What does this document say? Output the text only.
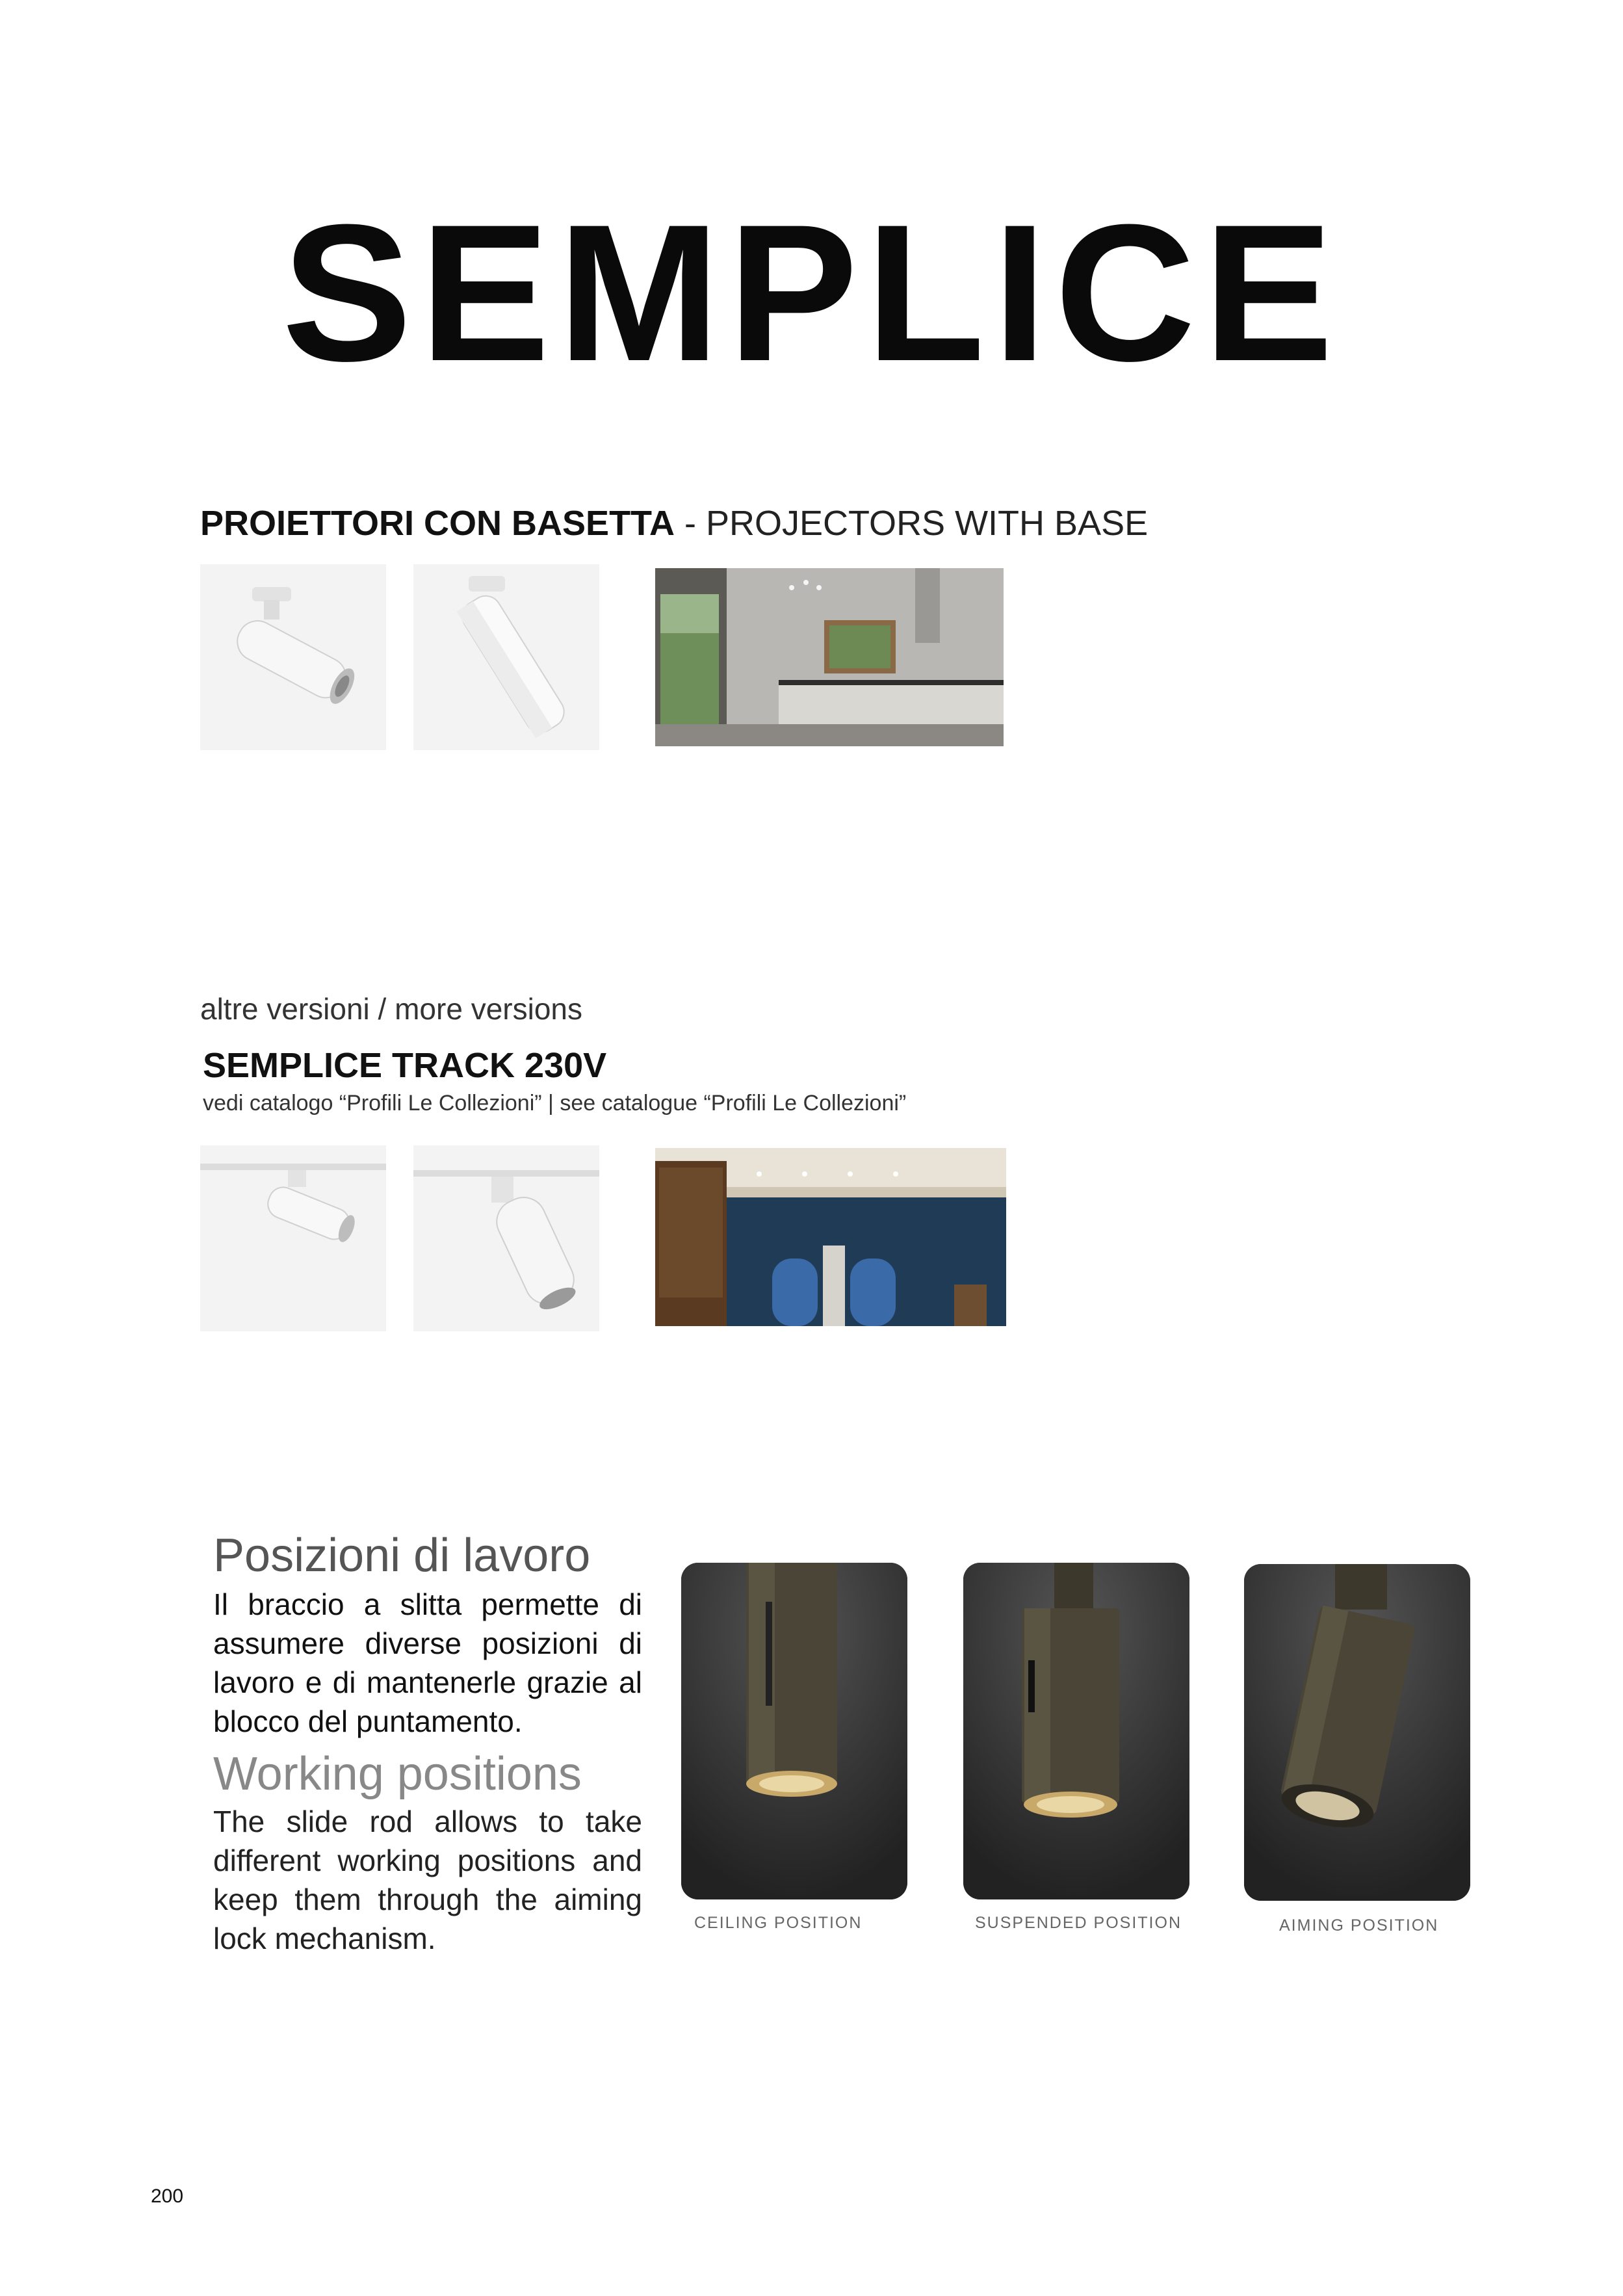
SEMPLICE
PROIETTORI CON BASETTA - PROJECTORS WITH BASE
altre versioni / more versions
SEMPLICE TRACK 230V
vedi catalogo “Profili Le Collezioni” | see catalogue “Profili Le Collezioni”
Posizioni di lavoro
Il braccio a slitta permette di assumere diverse posizioni di lavoro e di mantenerle grazie al blocco del puntamento.
Working positions
The slide rod allows to take different working positions and keep them through the aiming lock mechanism.	CEILING POSITION	SUSPENDED POSITION	AIMING POSITION
200
